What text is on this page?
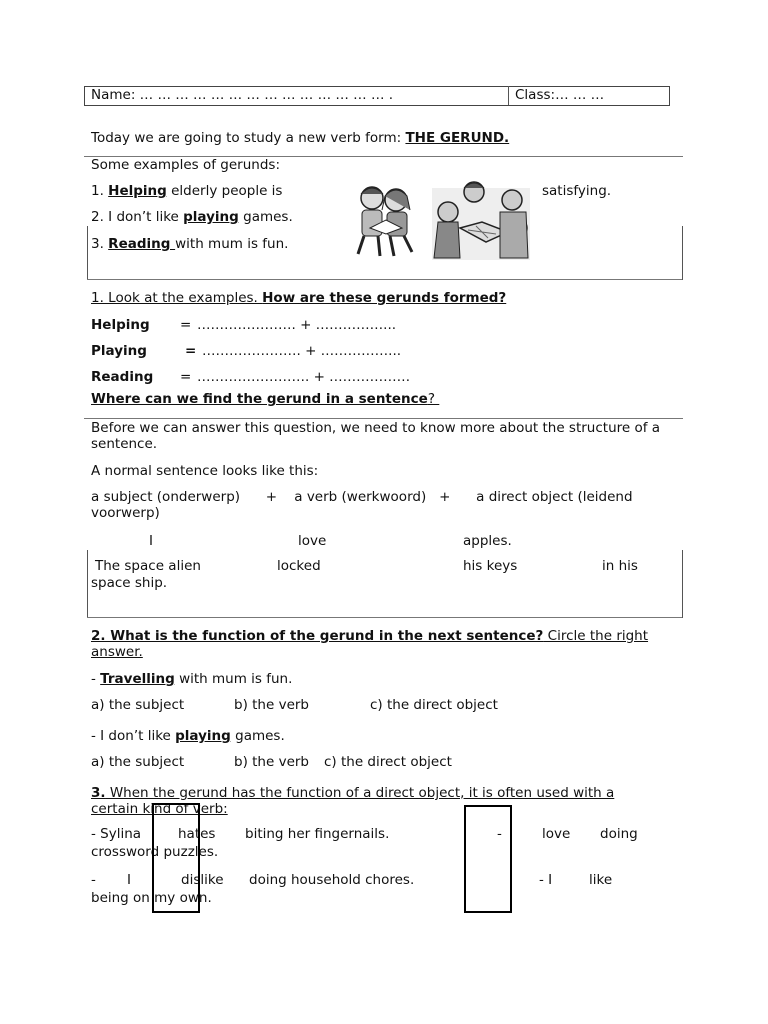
Name: … … … … … … … … … … … … … … .	Class:… … …
Today we are going to study a new verb form: THE GERUND.
Some examples of gerunds:
1. Helping elderly people is	satisfying.
2. I don’t like playing games.
3. Reading with mum is fun.
1. Look at the examples. How are these gerunds formed?
Helping = …………………. + ……………...
Playing	= …………………. + ……………...
Reading = ……………………. + ………………
Where can we find the gerund in a sentence?
Before we can answer this question, we need to know more about the structure of a sentence.
A normal sentence looks like this:
a subject (onderwerp)      +    a verb (werkwoord)   +      a direct object (leidend voorwerp)
I	love	apples.
The space alien	locked	his keys	in his
space ship.
2. What is the function of the gerund in the next sentence? Circle the right answer.
- Travelling with mum is fun.
a) the subject	b) the verb	c) the direct object
- I don’t like playing games.
a) the subject	b) the verb c) the direct object
3. When the gerund has the function of a direct object, it is often used with a certain kind of verb:
- Sylina	hates biting her fingernails.	-	love doing
crossword puzzles.
- I	dislike doing household chores.	- I	like
being on my own.
